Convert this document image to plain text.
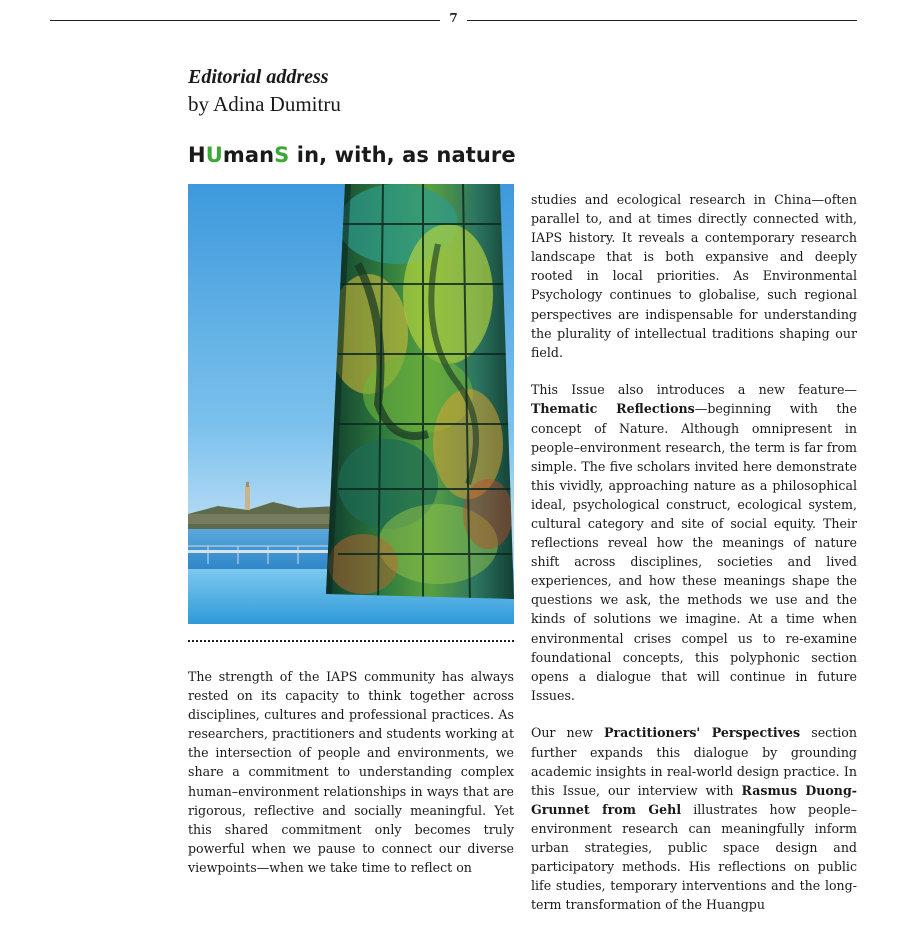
7
Editorial address
by Adina Dumitru
HUmanS in, with, as nature

The strength of the IAPS community has always rested on its capacity to think together across disciplines, cultures and professional practices. As researchers, practitioners and students working at the intersection of people and environments, we share a commitment to understanding complex human–environment relationships in ways that are rigorous, reflective and socially meaningful. Yet this shared commitment only becomes truly powerful when we pause to connect our diverse viewpoints—when we take time to reflect on

studies and ecological research in China—often parallel to, and at times directly connected with, IAPS history. It reveals a contemporary research landscape that is both expansive and deeply rooted in local priorities. As Environmental Psychology continues to globalise, such regional perspectives are indispensable for understanding the plurality of intellectual traditions shaping our field.

This Issue also introduces a new feature—Thematic Reflections—beginning with the concept of Nature. Although omnipresent in people–environment research, the term is far from simple. The five scholars invited here demonstrate this vividly, approaching nature as a philosophical ideal, psychological construct, ecological system, cultural category and site of social equity. Their reflections reveal how the meanings of nature shift across disciplines, societies and lived experiences, and how these meanings shape the questions we ask, the methods we use and the kinds of solutions we imagine. At a time when environmental crises compel us to re-examine foundational concepts, this polyphonic section opens a dialogue that will continue in future Issues.

Our new Practitioners' Perspectives section further expands this dialogue by grounding academic insights in real-world design practice. In this Issue, our interview with Rasmus Duong-Grunnet from Gehl illustrates how people–environment research can meaningfully inform urban strategies, public space design and participatory methods. His reflections on public life studies, temporary interventions and the long-term transformation of the Huangpu
